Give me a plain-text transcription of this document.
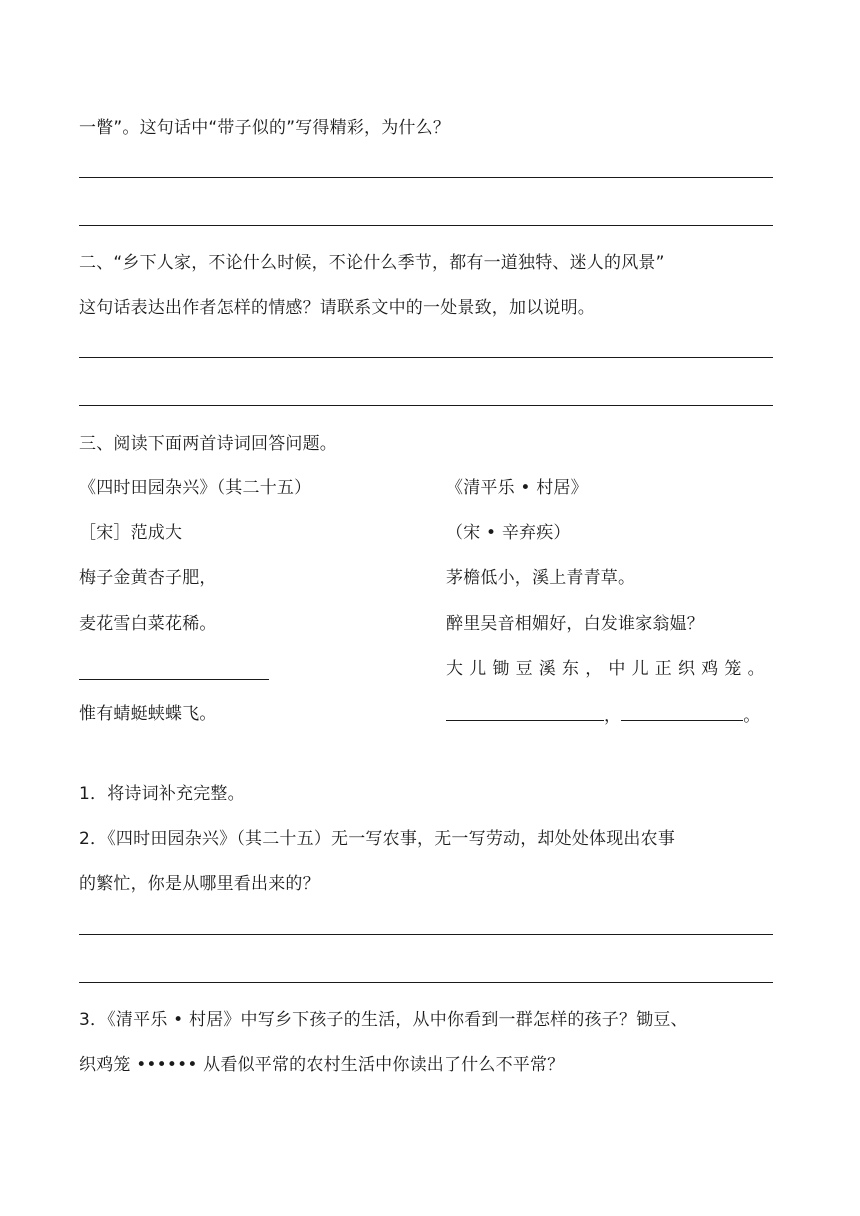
一瞥”。这句话中“带子似的”写得精彩，为什么？
二、“乡下人家，不论什么时候，不论什么季节，都有一道独特、迷人的风景”
这句话表达出作者怎样的情感？请联系文中的一处景致，加以说明。
三、阅读下面两首诗词回答问题。
《四时田园杂兴》（其二十五）
［宋］范成大
梅子金黄杏子肥，
麦花雪白菜花稀。
惟有蜻蜓蛱蝶飞。
《清平乐 • 村居》
（宋 • 辛弃疾）
茅檐低小，溪上青青草。
醉里吴音相媚好，白发谁家翁媪？
大儿锄豆溪东，中儿正织鸡笼。
，	。
1．将诗词补充完整。
2．《四时田园杂兴》（其二十五）无一写农事，无一写劳动，却处处体现出农事
的繁忙，你是从哪里看出来的？
3．《清平乐 • 村居》中写乡下孩子的生活，从中你看到一群怎样的孩子？锄豆、
织鸡笼 •••••• 从看似平常的农村生活中你读出了什么不平常？
